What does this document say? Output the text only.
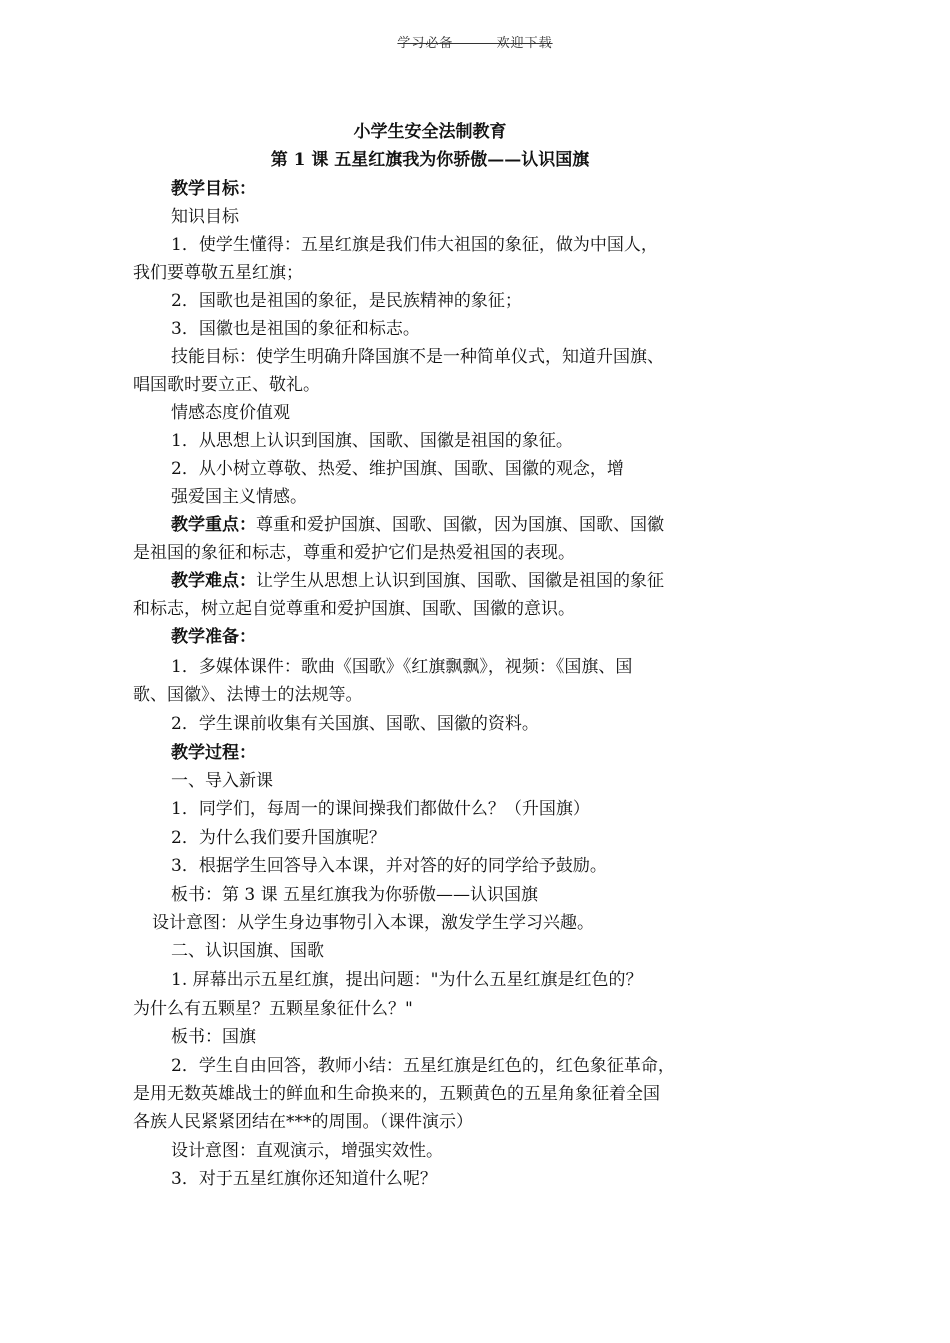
学习必备--------欢迎下载
小学生安全法制教育
第 1 课 五星红旗我为你骄傲——认识国旗
教学目标：
知识目标
1．使学生懂得：五星红旗是我们伟大祖国的象征，做为中国人，
我们要尊敬五星红旗；
2．国歌也是祖国的象征，是民族精神的象征；
3．国徽也是祖国的象征和标志。
技能目标：使学生明确升降国旗不是一种简单仪式，知道升国旗、
唱国歌时要立正、敬礼。
情感态度价值观
1．从思想上认识到国旗、国歌、国徽是祖国的象征。
2．从小树立尊敬、热爱、维护国旗、国歌、国徽的观念，增
强爱国主义情感。
教学重点：尊重和爱护国旗、国歌、国徽，因为国旗、国歌、国徽
是祖国的象征和标志，尊重和爱护它们是热爱祖国的表现。
教学难点：让学生从思想上认识到国旗、国歌、国徽是祖国的象征
和标志，树立起自觉尊重和爱护国旗、国歌、国徽的意识。
教学准备：
1．多媒体课件：歌曲《国歌》《红旗飘飘》，视频：《国旗、国
歌、国徽》、法博士的法规等。
2．学生课前收集有关国旗、国歌、国徽的资料。
教学过程：
一、导入新课
1．同学们，每周一的课间操我们都做什么？（升国旗）
2．为什么我们要升国旗呢？
3．根据学生回答导入本课，并对答的好的同学给予鼓励。
板书：第 3 课 五星红旗我为你骄傲——认识国旗
设计意图：从学生身边事物引入本课，激发学生学习兴趣。
二、认识国旗、国歌
1. 屏幕出示五星红旗，提出问题："为什么五星红旗是红色的？
为什么有五颗星？五颗星象征什么？"
板书：国旗
2．学生自由回答，教师小结：五星红旗是红色的，红色象征革命，
是用无数英雄战士的鲜血和生命换来的，五颗黄色的五星角象征着全国
各族人民紧紧团结在***的周围。（课件演示）
设计意图：直观演示，增强实效性。
3．对于五星红旗你还知道什么呢？
